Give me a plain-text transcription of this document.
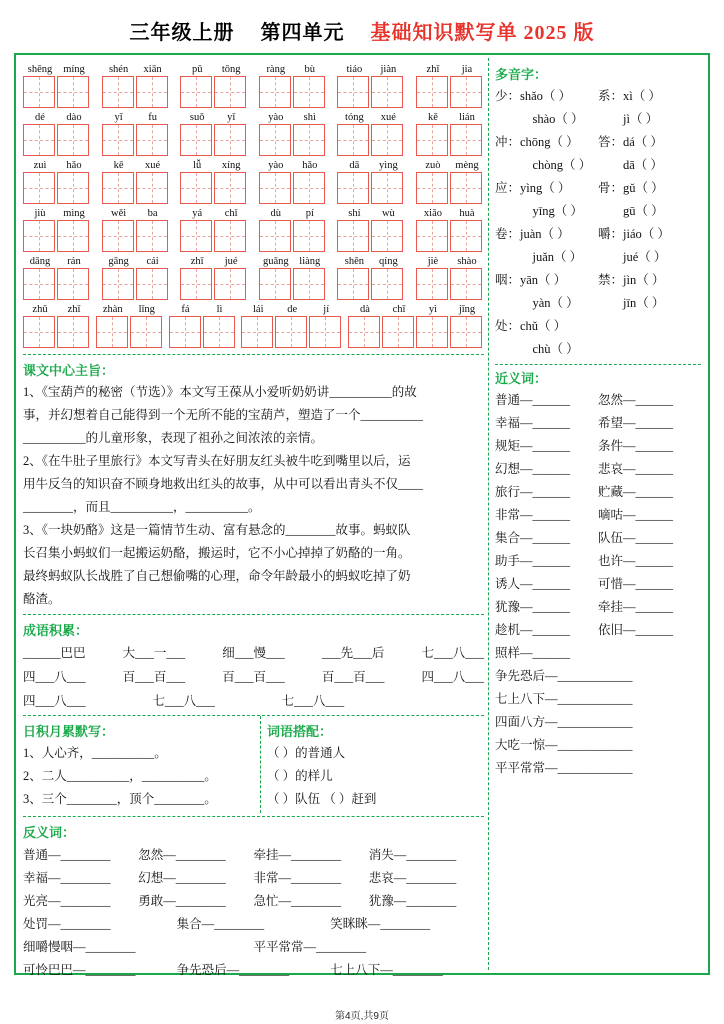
三年级上册 第四单元 基础知识默写单 2025 版
shēng míng	shén xiān	pǔ tōng	ràng bù	tiáo jiàn	zhǐ jia
dé dào	yī fu	suǒ yǐ	yào shì	tóng xué	kě lián
zuì hǎo	kē xué	lǚ xíng	yào hǎo	dā yìng	zuò mèng
jiù mìng	wěi ba	yá chǐ	dù pí	shí wù	xiāo huà
dāng rán	gāng cái	zhī jué	guāng liàng	shēn qíng	jiè shào
zhǔ zhǐ	zhàn lǐng	fá	lì	lái de jí	dà chī yì jīng
课文中心主旨：
1、《宝葫芦的秘密（节选）》本文写王葆从小爱听奶奶讲__________的故
事，并幻想着自己能得到一个无所不能的宝葫芦，塑造了一个__________
__________的儿童形象，表现了祖孙之间浓浓的亲情。
2、《在牛肚子里旅行》本文写青头在好朋友红头被牛吃到嘴里以后，运
用牛反刍的知识奋不顾身地救出红头的故事，从中可以看出青头不仅____
________，而且__________，__________。
3、《一块奶酪》这是一篇情节生动、富有悬念的________故事。蚂蚁队
长召集小蚂蚁们一起搬运奶酪，搬运时，它不小心掉掉了奶酪的一角。
最终蚂蚁队长战胜了自己想偷嘴的心理，命令年龄最小的蚂蚁吃掉了奶
酪渣。
成语积累：
______巴巴	大___一___	细___慢___	___先___后	七___八___
四___八___	百___百___	百___百___	百___百___	四___八___
四___八___	七___八___	七___八___

日积月累默写：
1、人心齐，__________。
2、二人__________，__________。
3、三个________，顶个________。
词语搭配：
（ ）的普通人
（ ）的样儿
（ ）队伍 （ ）赶到
反义词：
普通—________	忽然—________	牵挂—________	消失—________
幸福—________	幻想—________	非常—________	悲哀—________
光亮—________	勇敢—________	急忙—________	犹豫—________
处罚—________	集合—________	笑眯眯—________
细嚼慢咽—________	平平常常—________
可怜巴巴—________	争先恐后—________	七上八下—________
多音字：
少：shǎo（ ）	系：xì（ ）
　　　shào（ ）	　　jì（ ）
冲：chōng（ ）	答：dá（ ）
　　　chòng（ ） 　　dā（ ）
应：yìng（ ）	骨：gǔ（ ）
　　　yīng（ ）	　　gū（ ）
卷：juàn（ ）	嚼：jiáo（ ）
　　　juǎn（ ）	　　jué（ ）
咽：yān（ ）	禁：jìn（ ）
　　　yàn（ ）	　　jīn（ ）
处：chǔ（ ）
　　　chù（ ）
近义词：
普通—______	忽然—______
幸福—______	希望—______
规矩—______	条件—______
幻想—______	悲哀—______
旅行—______	贮藏—______
非常—______	嘀咕—______
集合—______	队伍—______
助手—______	也许—______
诱人—______	可惜—______
犹豫—______	牵挂—______
趁机—______	依旧—______
照样—______
争先恐后—____________
七上八下—____________
四面八方—____________
大吃一惊—____________
平平常常—____________
第4页,共9页
